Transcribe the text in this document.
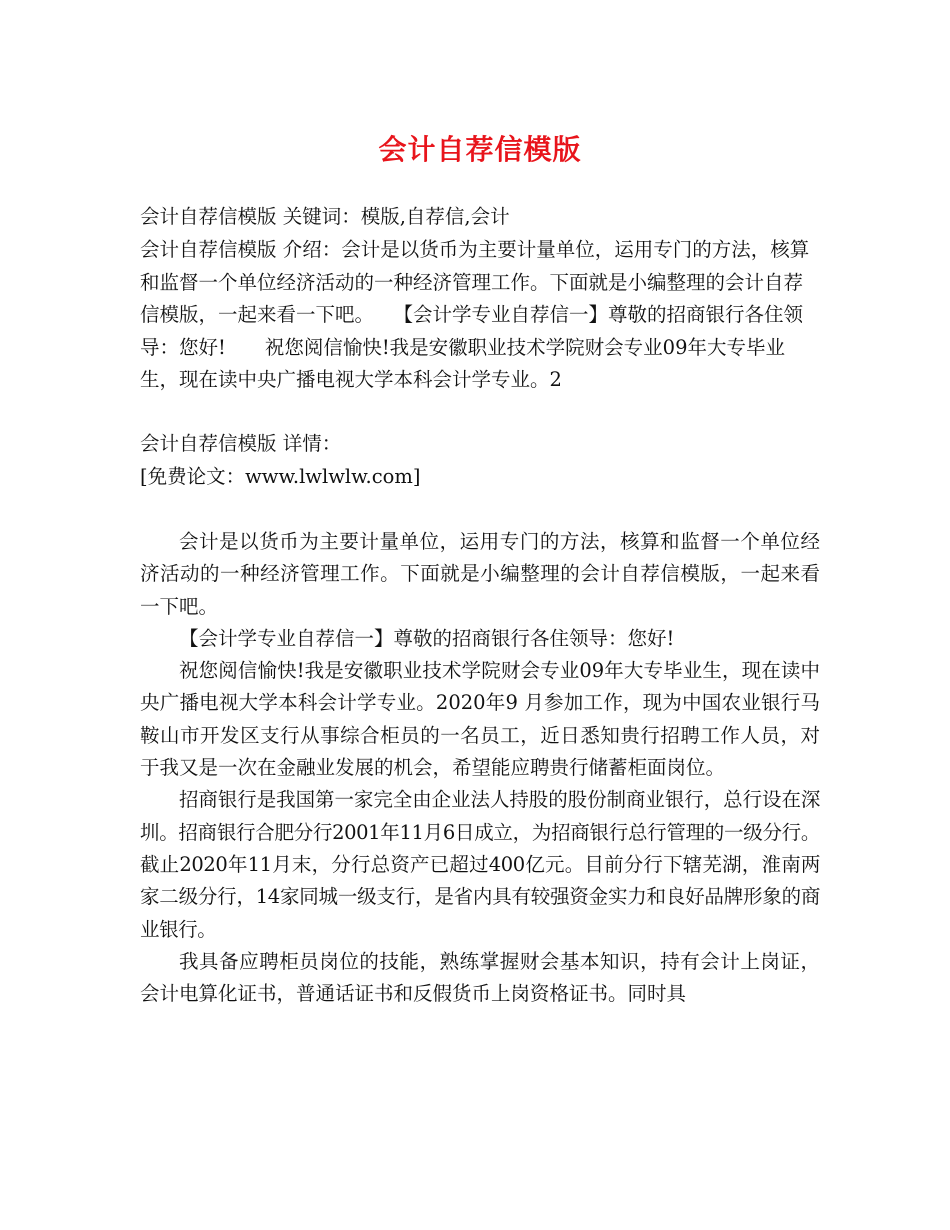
会计自荐信模版
会计自荐信模版 关键词：模版,自荐信,会计
会计自荐信模版 介绍：会计是以货币为主要计量单位，运用专门的方法，核算和监督一个单位经济活动的一种经济管理工作。下面就是小编整理的会计自荐信模版，一起来看一下吧。　　【会计学专业自荐信一】尊敬的招商银行各住领导：您好!　　祝您阅信愉快!我是安徽职业技术学院财会专业09年大专毕业生，现在读中央广播电视大学本科会计学专业。2
会计自荐信模版 详情：
[免费论文：www.lwlwlw.com]

会计是以货币为主要计量单位，运用专门的方法，核算和监督一个单位经济活动的一种经济管理工作。下面就是小编整理的会计自荐信模版，一起来看一下吧。

【会计学专业自荐信一】尊敬的招商银行各住领导：您好!

祝您阅信愉快!我是安徽职业技术学院财会专业09年大专毕业生，现在读中央广播电视大学本科会计学专业。2020年9 月参加工作，现为中国农业银行马鞍山市开发区支行从事综合柜员的一名员工，近日悉知贵行招聘工作人员，对于我又是一次在金融业发展的机会，希望能应聘贵行储蓄柜面岗位。

招商银行是我国第一家完全由企业法人持股的股份制商业银行，总行设在深圳。招商银行合肥分行2001年11月6日成立，为招商银行总行管理的一级分行。截止2020年11月末，分行总资产已超过400亿元。目前分行下辖芜湖，淮南两家二级分行，14家同城一级支行，是省内具有较强资金实力和良好品牌形象的商业银行。

我具备应聘柜员岗位的技能，熟练掌握财会基本知识，持有会计上岗证，会计电算化证书，普通话证书和反假货币上岗资格证书。同时具
